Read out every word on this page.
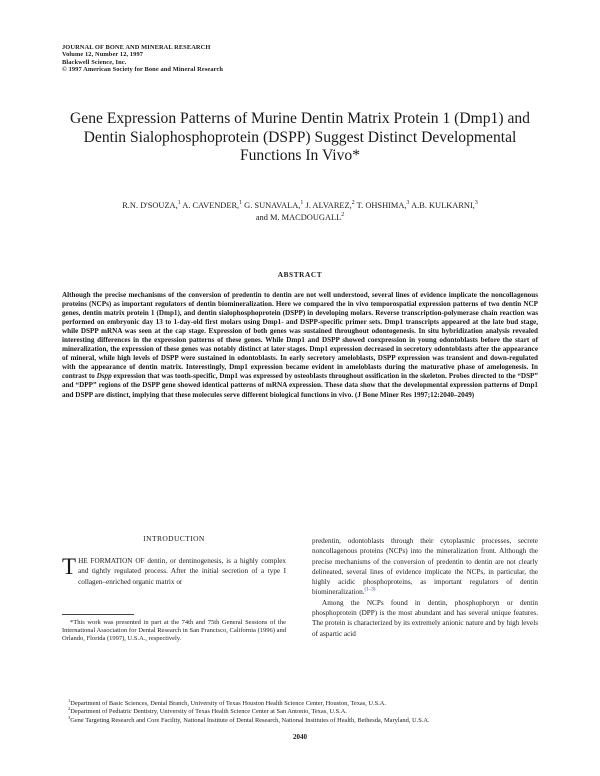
JOURNAL OF BONE AND MINERAL RESEARCH
Volume 12, Number 12, 1997
Blackwell Science, Inc.
© 1997 American Society for Bone and Mineral Research
Gene Expression Patterns of Murine Dentin Matrix Protein 1 (Dmp1) and Dentin Sialophosphoprotein (DSPP) Suggest Distinct Developmental Functions In Vivo*
R.N. D'SOUZA,$^1$ A. CAVENDER,$^1$ G. SUNAVALA,$^1$ J. ALVAREZ,$^2$ T. OHSHIMA,$^3$ A.B. KULKARNI,$^3$
and M. MACDOUGALL$^2$
ABSTRACT
Although the precise mechanisms of the conversion of predentin to dentin are not well understood, several lines of evidence implicate the noncollagenous proteins (NCPs) as important regulators of dentin biomineralization. Here we compared the in vivo temporospatial expression patterns of two dentin NCP genes, dentin matrix protein 1 (Dmp1), and dentin sialophosphoprotein (DSPP) in developing molars. Reverse transcription-polymerase chain reaction was performed on embryonic day 13 to 1-day-old first molars using Dmp1- and DSPP-specific primer sets. Dmp1 transcripts appeared at the late bud stage, while DSPP mRNA was seen at the cap stage. Expression of both genes was sustained throughout odontogenesis. In situ hybridization analysis revealed interesting differences in the expression patterns of these genes. While Dmp1 and DSPP showed coexpression in young odontoblasts before the start of mineralization, the expression of these genes was notably distinct at later stages. Dmp1 expression decreased in secretory odontoblasts after the appearance of mineral, while high levels of DSPP were sustained in odontoblasts. In early secretory ameloblasts, DSPP expression was transient and down-regulated with the appearance of dentin matrix. Interestingly, Dmp1 expression became evident in ameloblasts during the maturative phase of amelogenesis. In contrast to Dspp expression that was tooth-specific, Dmp1 was expressed by osteoblasts throughout ossification in the skeleton. Probes directed to the “DSP” and “DPP” regions of the DSPP gene showed identical patterns of mRNA expression. These data show that the developmental expression patterns of Dmp1 and DSPP are distinct, implying that these molecules serve different biological functions in vivo. (J Bone Miner Res 1997;12:2040–2049)
INTRODUCTION
THE FORMATION OF dentin, or dentinogenesis, is a highly complex and tightly regulated process. After the initial secretion of a type I collagen–enriched organic matrix or

predentin, odontoblasts through their cytoplasmic processes, secrete noncollagenous proteins (NCPs) into the mineralization front. Although the precise mechanisms of the conversion of predentin to dentin are not clearly delineated, several lines of evidence implicate the NCPs, in particular, the highly acidic phosphoproteins, as important regulators of dentin biomineralization.$^{(1-3)}$

Among the NCPs found in dentin, phosphophoryn or dentin phosphoprotein (DPP) is the most abundant and has several unique features. The protein is characterized by its extremely anionic nature and by high levels of aspartic acid

*This work was presented in part at the 74th and 75th General Sessions of the International Association for Dental Research in San Francisco, California (1996) and Orlando, Florida (1997), U.S.A., respectively.
$^1$Department of Basic Sciences, Dental Branch, University of Texas Houston Health Science Center, Houston, Texas, U.S.A.
$^2$Department of Pediatric Dentistry, University of Texas Health Science Center at San Antonio, Texas, U.S.A.
$^3$Gene Targeting Research and Core Facility, National Institute of Dental Research, National Institutes of Health, Bethesda, Maryland, U.S.A.
2040
